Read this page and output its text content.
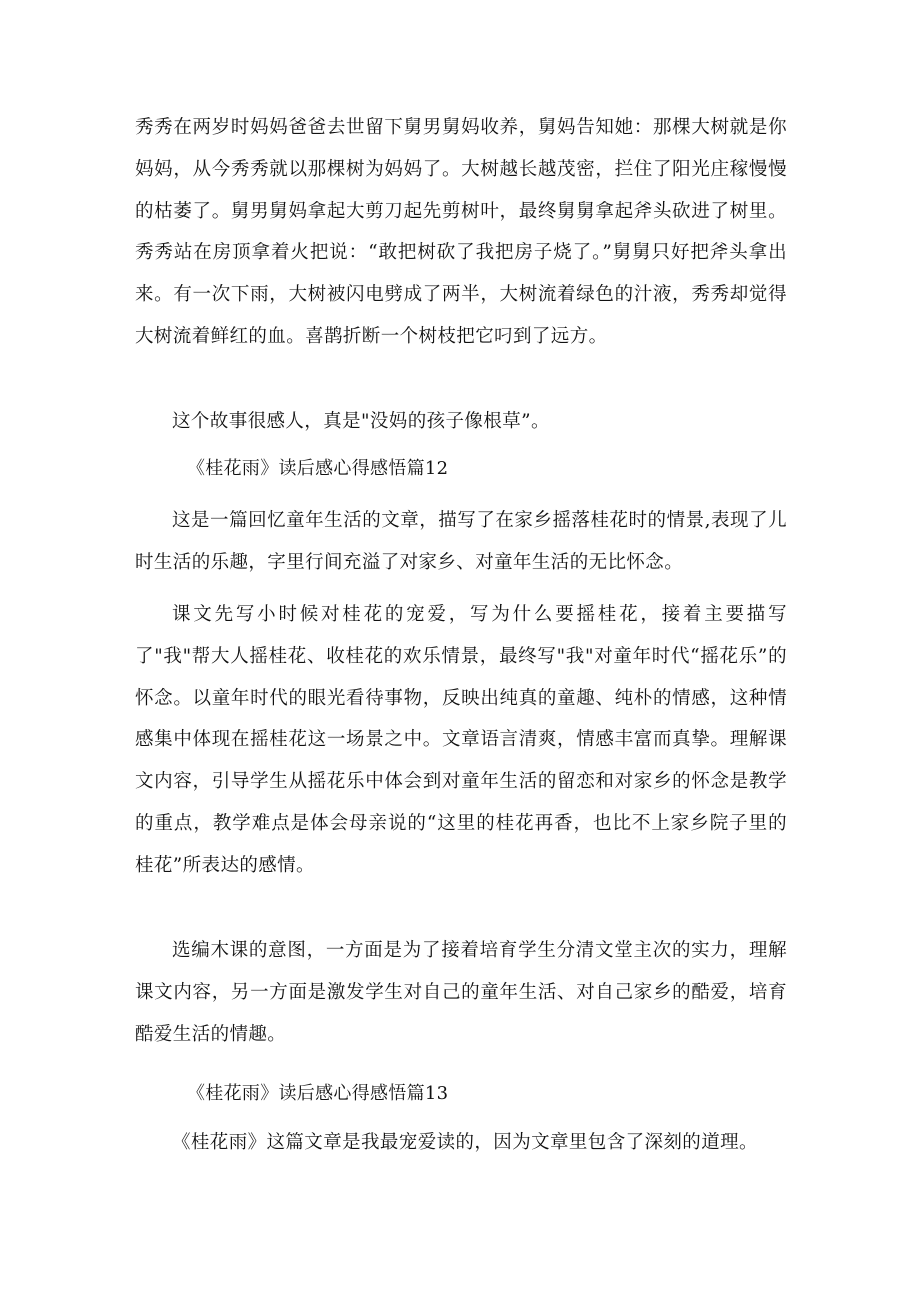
秀秀在两岁时妈妈爸爸去世留下舅男舅妈收养，舅妈告知她：那棵大树就是你妈妈，从今秀秀就以那棵树为妈妈了。大树越长越茂密，拦住了阳光庄稼慢慢的枯萎了。舅男舅妈拿起大剪刀起先剪树叶，最终舅舅拿起斧头砍进了树里。秀秀站在房顶拿着火把说：“敢把树砍了我把房子烧了。”舅舅只好把斧头拿出来。有一次下雨，大树被闪电劈成了两半，大树流着绿色的汁液，秀秀却觉得大树流着鲜红的血。喜鹊折断一个树枝把它叼到了远方。

这个故事很感人，真是"没妈的孩子像根草”。

《桂花雨》读后感心得感悟篇12

这是一篇回忆童年生活的文章，描写了在家乡摇落桂花时的情景,表现了儿时生活的乐趣，字里行间充溢了对家乡、对童年生活的无比怀念。

课文先写小时候对桂花的宠爱，写为什么要摇桂花，接着主要描写了"我"帮大人摇桂花、收桂花的欢乐情景，最终写"我"对童年时代“摇花乐”的怀念。以童年时代的眼光看待事物，反映出纯真的童趣、纯朴的情感，这种情感集中体现在摇桂花这一场景之中。文章语言清爽，情感丰富而真挚。理解课文内容，引导学生从摇花乐中体会到对童年生活的留恋和对家乡的怀念是教学的重点，教学难点是体会母亲说的“这里的桂花再香，也比不上家乡院子里的桂花”所表达的感情。

选编木课的意图，一方面是为了接着培育学生分清文堂主次的实力，理解课文内容，另一方面是激发学生对自己的童年生活、对自己家乡的酷爱，培育酷爱生活的情趣。

《桂花雨》读后感心得感悟篇13

《桂花雨》这篇文章是我最宠爱读的，因为文章里包含了深刻的道理。
